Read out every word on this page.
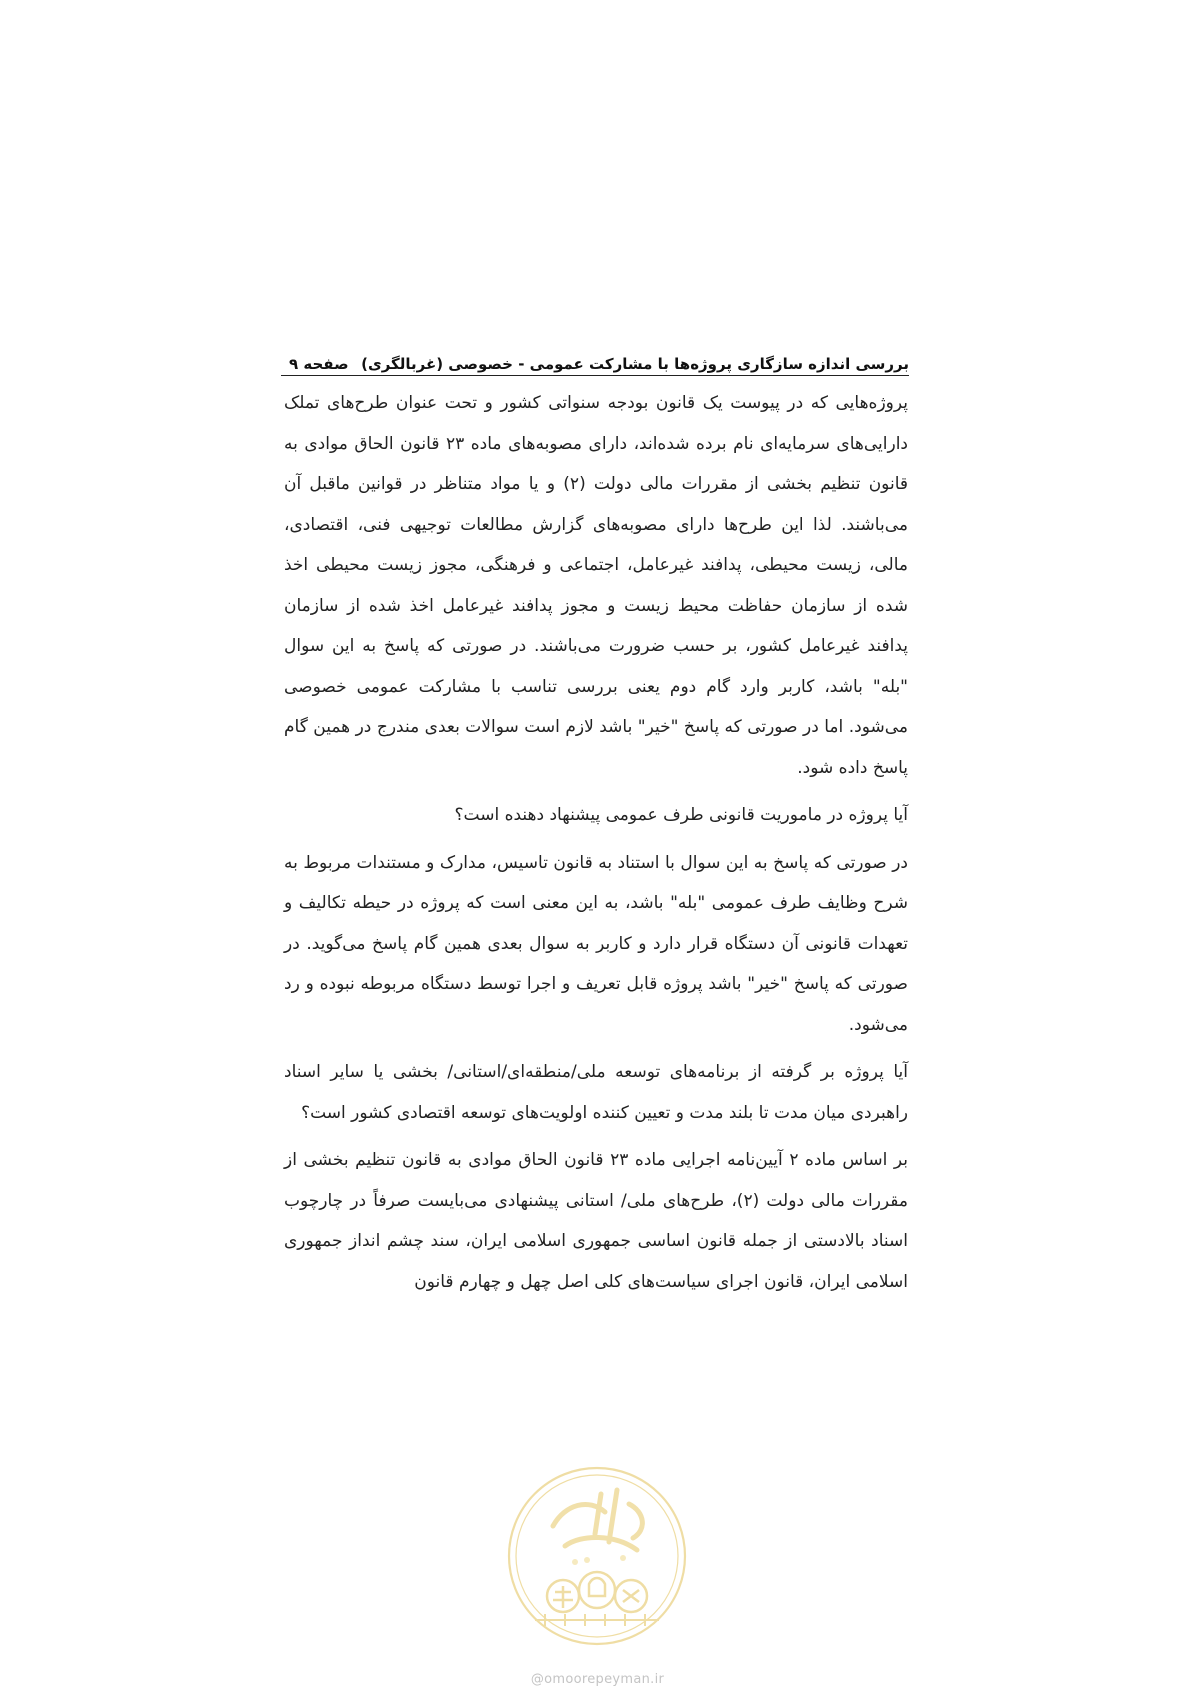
بررسی اندازه سازگاری پروژه‌ها با مشارکت عمومی - خصوصی (غربالگری)
صفحه ۹

پروژه‌هایی که در پیوست یک قانون بودجه سنواتی کشور و تحت عنوان طرح‌های تملک دارایی‌های سرمایه‌ای نام برده شده‌اند، دارای مصوبه‌های ماده ۲۳ قانون الحاق موادی به قانون تنظیم بخشی از مقررات مالی دولت (۲) و یا مواد متناظر در قوانین ماقبل آن می‌باشند. لذا این طرح‌ها دارای مصوبه‌های گزارش مطالعات توجیهی فنی، اقتصادی، مالی، زیست محیطی، پدافند غیرعامل، اجتماعی و فرهنگی، مجوز زیست محیطی اخذ شده از سازمان حفاظت محیط زیست و مجوز پدافند غیرعامل اخذ شده از سازمان پدافند غیرعامل کشور، بر حسب ضرورت می‌باشند. در صورتی که پاسخ به این سوال "بله" باشد، کاربر وارد گام دوم یعنی بررسی تناسب با مشارکت عمومی خصوصی می‌شود. اما در صورتی که پاسخ "خیر" باشد لازم است سوالات بعدی مندرج در همین گام پاسخ داده شود.

آیا پروژه در ماموریت قانونی طرف عمومی پیشنهاد دهنده است؟

در صورتی که پاسخ به این سوال با استناد به قانون تاسیس، مدارک و مستندات مربوط به شرح وظایف طرف عمومی "بله" باشد، به این معنی است که پروژه در حیطه تکالیف و تعهدات قانونی آن دستگاه قرار دارد و کاربر به سوال بعدی همین گام پاسخ می‌گوید. در صورتی که پاسخ "خیر" باشد پروژه قابل تعریف و اجرا توسط دستگاه مربوطه نبوده و رد می‌شود.

آیا پروژه بر گرفته از برنامه‌های توسعه ملی/منطقه‌ای/استانی/ بخشی یا سایر اسناد راهبردی میان مدت تا بلند مدت و تعیین کننده اولویت‌های توسعه اقتصادی کشور است؟

بر اساس ماده ۲ آیین‌نامه اجرایی ماده ۲۳ قانون الحاق موادی به قانون تنظیم بخشی از مقررات مالی دولت (۲)، طرح‌های ملی/ استانی پیشنهادی می‌بایست صرفاً در چارچوب اسناد بالادستی از جمله قانون اساسی جمهوری اسلامی ایران، سند چشم انداز جمهوری اسلامی ایران، قانون اجرای سیاست‌های کلی اصل چهل و چهارم قانون

@omoorepeyman.ir
